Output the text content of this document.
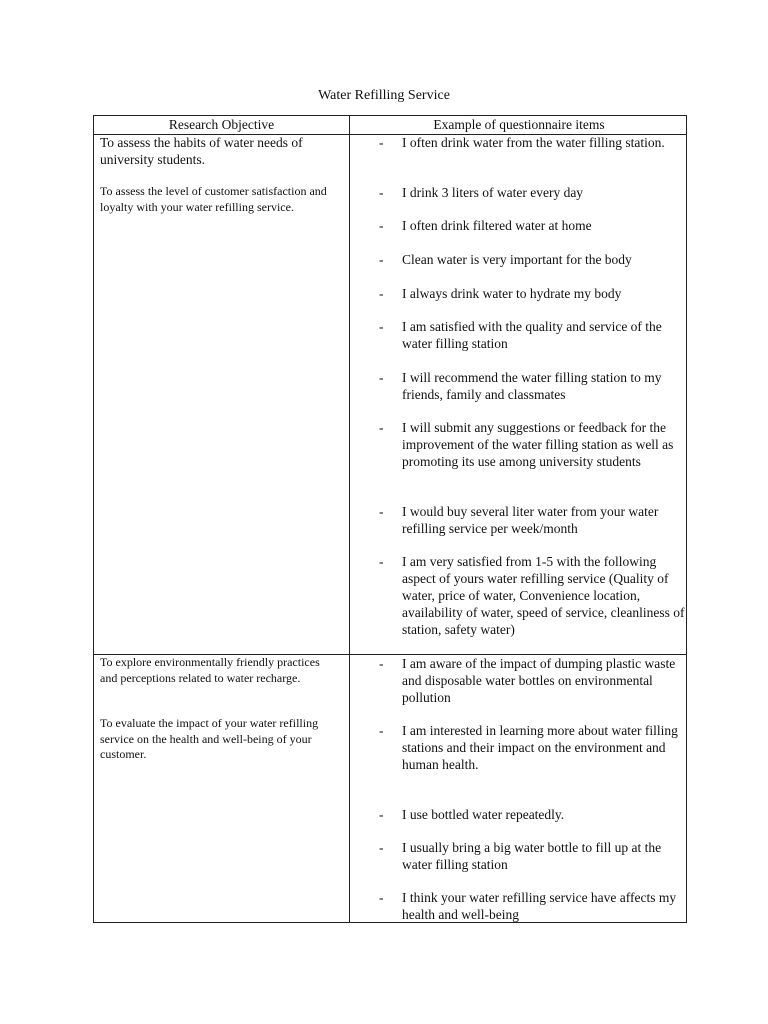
Water Refilling Service
Research Objective	Example of questionnaire items

To assess the habits of water needs of university students.

To assess the level of customer satisfaction and loyalty with your water refilling service.

- I often drink water from the water filling station.

- I drink 3 liters of water every day

- I often drink filtered water at home

- Clean water is very important for the body

- I always drink water to hydrate my body

- I am satisfied with the quality and service of the water filling station

- I will recommend the water filling station to my friends, family and classmates

- I will submit any suggestions or feedback for the improvement of the water filling station as well as promoting its use among university students

- I would buy several liter water from your water refilling service per week/month

- I am very satisfied from 1-5 with the following aspect of yours water refilling service (Quality of water, price of water, Convenience location, availability of water, speed of service, cleanliness of station, safety water)

To explore environmentally friendly practices and perceptions related to water recharge.

To evaluate the impact of your water refilling service on the health and well-being of your customer.

- I am aware of the impact of dumping plastic waste and disposable water bottles on environmental pollution

- I am interested in learning more about water filling stations and their impact on the environment and human health.

- I use bottled water repeatedly.

- I usually bring a big water bottle to fill up at the water filling station

- I think your water refilling service have affects my health and well-being
